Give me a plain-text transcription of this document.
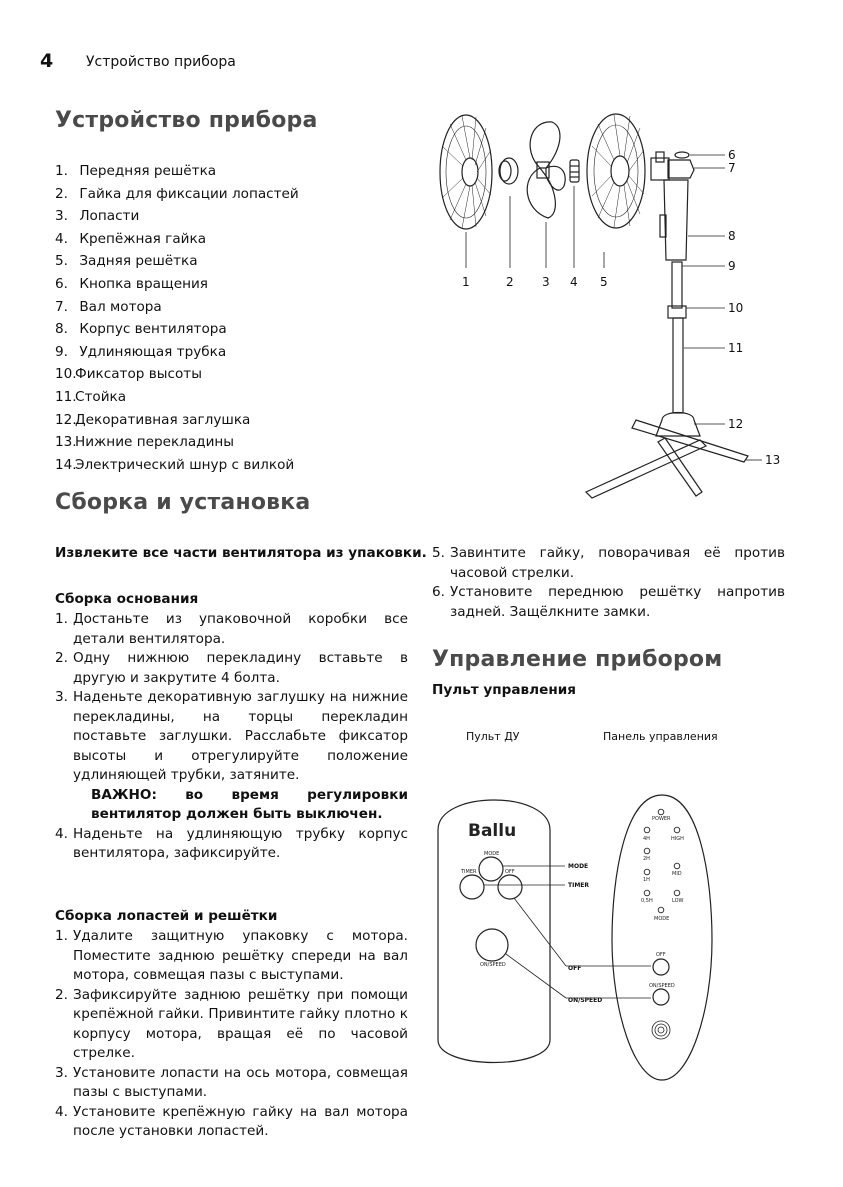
4 Устройство прибора
Устройство прибора
1. Передняя решётка
2. Гайка для фиксации лопастей
3. Лопасти
4. Крепёжная гайка
5. Задняя решётка
6. Кнопка вращения
7. Вал мотора
8. Корпус вентилятора
9. Удлиняющая трубка
10.Фиксатор высоты
11.Стойка
12.Декоративная заглушка
13.Нижние перекладины
14.Электрический шнур с вилкой
1	2 3 4 5
6
7
8
9
10
11
12
13
Сборка и установка
Извлеките все части вентилятора из упаковки.
Сборка основания
1. Достаньте из упаковочной коробки все детали вентилятора.
2. Одну нижнюю перекладину вставьте в другую и закрутите 4 болта.
3. Наденьте декоративную заглушку на нижние перекладины, на торцы перекладин поставьте заглушки. Расслабьте фиксатор высоты и отрегулируйте положение удлиняющей трубки, затяните.
ВАЖНО: во время регулировки вентилятор должен быть выключен.
4. Наденьте на удлиняющую трубку корпус вентилятора, зафиксируйте.
Сборка лопастей и решётки
1. Удалите защитную упаковку с мотора. Поместите заднюю решётку спереди на вал мотора, совмещая пазы с выступами.
2. Зафиксируйте заднюю решётку при помощи крепёжной гайки. Привинтите гайку плотно к корпусу мотора, вращая её по часовой стрелке.
3. Установите лопасти на ось мотора, совмещая пазы с выступами.
4. Установите крепёжную гайку на вал мотора после установки лопастей.
5. Завинтите гайку, поворачивая её против часовой стрелки.
6. Установите переднюю решётку напротив задней. Защёлкните замки.
Управление прибором
Пульт управления
Пульт ДУ	Панель управления
Ballu
MODE
TIMER	OFF
ON/SPEED
POWER
4H	HIGH
2H
1H
MID
0,5H	LOW
MODE
OFF
ON/SPEED
MODE
TIMER
OFF
ON/SPEED
